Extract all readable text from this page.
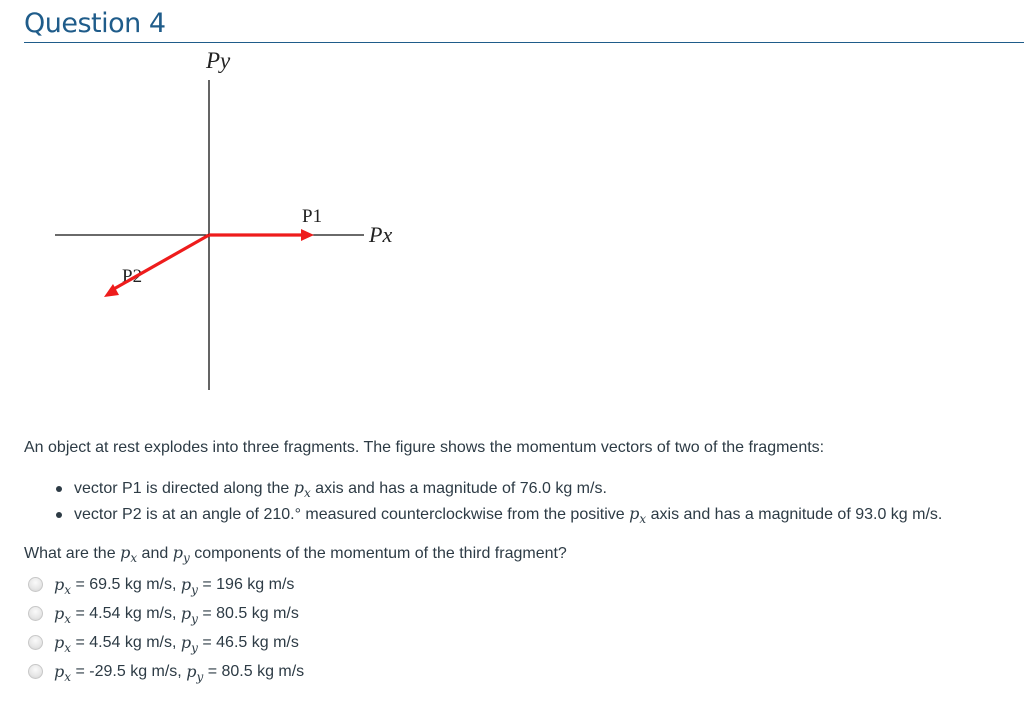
Question 4
Py
Px
P1
P2
An object at rest explodes into three fragments. The figure shows the momentum vectors of two of the fragments:
vector P1 is directed along the $p_x$ axis and has a magnitude of 76.0 kg m/s.
vector P2 is at an angle of 210.° measured counterclockwise from the positive $p_x$ axis and has a magnitude of 93.0 kg m/s.
What are the $p_x$ and $p_y$ components of the momentum of the third fragment?
$p_x$
= 69.5 kg m/s,
$p_y$
= 196 kg m/s
$p_x$
= 4.54 kg m/s,
$p_y$
= 80.5 kg m/s
$p_x$
= 4.54 kg m/s,
$p_y$
= 46.5 kg m/s
$p_x$
= -29.5 kg m/s,
$p_y$
= 80.5 kg m/s
